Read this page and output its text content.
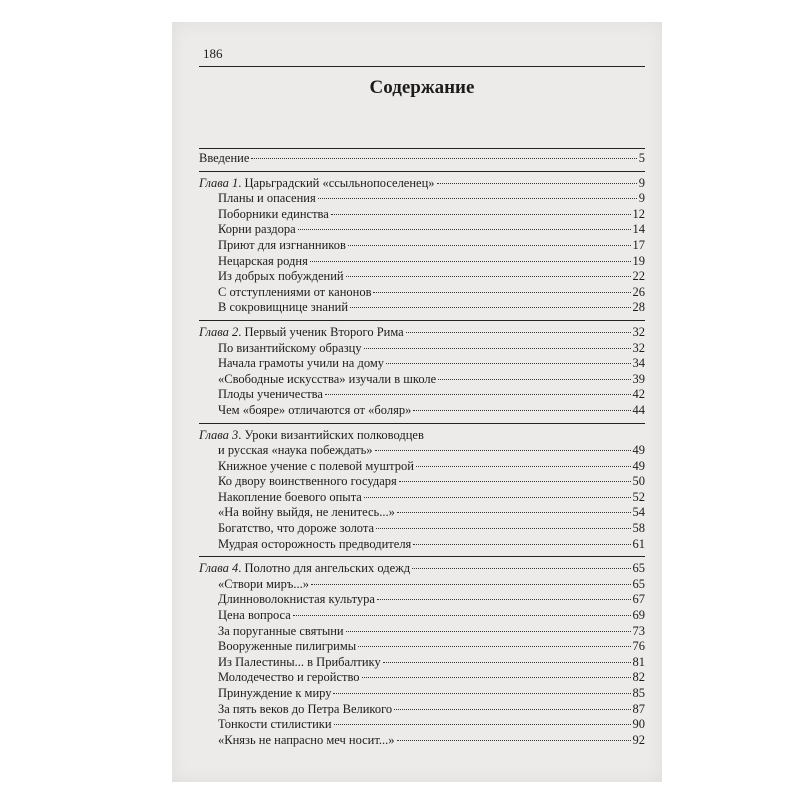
186
Содержание
Введение	5
Глава 1. Царьградский «ссыльнопоселенец»	9
Планы и опасения	9
Поборники единства	12
Корни раздора	14
Приют для изгнанников	17
Нецарская родня	19
Из добрых побуждений	22
С отступлениями от канонов	26
В сокровищнице знаний	28
Глава 2. Первый ученик Второго Рима	32
По византийскому образцу	32
Начала грамоты учили на дому	34
«Свободные искусства» изучали в школе	39
Плоды ученичества	42
Чем «бояре» отличаются от «боляр»	44
Глава 3. Уроки византийских полководцев
и русская «наука побеждать»	49
Книжное учение с полевой муштрой	49
Ко двору воинственного государя	50
Накопление боевого опыта	52
«На войну выйдя, не ленитесь...»	54
Богатство, что дороже золота	58
Мудрая осторожность предводителя	61
Глава 4. Полотно для ангельских одежд	65
«Створи миръ...»	65
Длинноволокнистая культура	67
Цена вопроса	69
За поруганные святыни	73
Вооруженные пилигримы	76
Из Палестины... в Прибалтику	81
Молодечество и геройство	82
Принуждение к миру	85
За пять веков до Петра Великого	87
Тонкости стилистики	90
«Князь не напрасно меч носит...»	92
